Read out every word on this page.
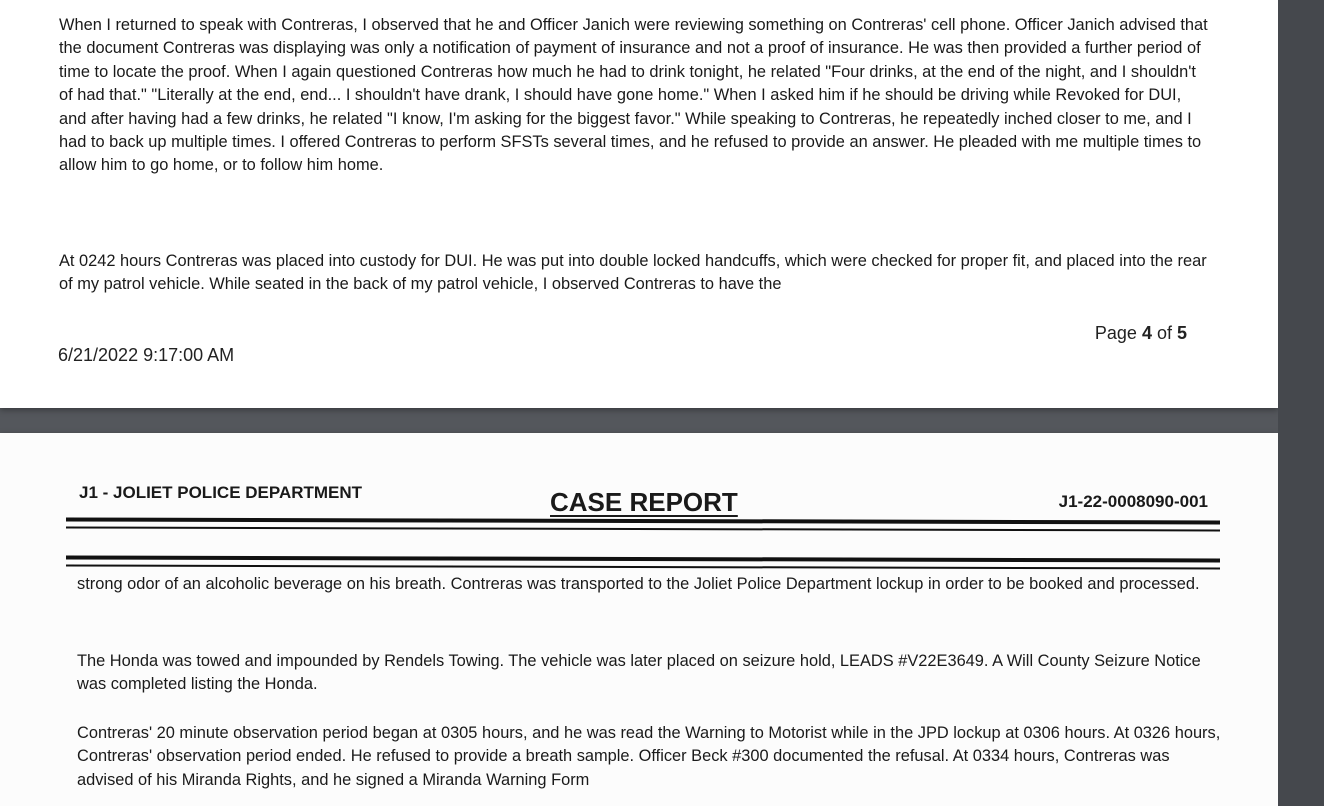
When I returned to speak with Contreras, I observed that he and Officer Janich were reviewing something on Contreras' cell phone. Officer Janich advised that the document Contreras was displaying was only a notification of payment of insurance and not a proof of insurance. He was then provided a further period of time to locate the proof. When I again questioned Contreras how much he had to drink tonight, he related "Four drinks, at the end of the night, and I shouldn't of had that." "Literally at the end, end... I shouldn't have drank, I should have gone home." When I asked him if he should be driving while Revoked for DUI, and after having had a few drinks, he related "I know, I'm asking for the biggest favor." While speaking to Contreras, he repeatedly inched closer to me, and I had to back up multiple times. I offered Contreras to perform SFSTs several times, and he refused to provide an answer. He pleaded with me multiple times to allow him to go home, or to follow him home.

At 0242 hours Contreras was placed into custody for DUI. He was put into double locked handcuffs, which were checked for proper fit, and placed into the rear of my patrol vehicle. While seated in the back of my patrol vehicle, I observed Contreras to have the

Page 4 of 5
6/21/2022 9:17:00 AM
J1 - JOLIET POLICE DEPARTMENT	CASE REPORT	J1-22-0008090-001

strong odor of an alcoholic beverage on his breath. Contreras was transported to the Joliet Police Department lockup in order to be booked and processed.

The Honda was towed and impounded by Rendels Towing. The vehicle was later placed on seizure hold, LEADS #V22E3649. A Will County Seizure Notice was completed listing the Honda.

Contreras' 20 minute observation period began at 0305 hours, and he was read the Warning to Motorist while in the JPD lockup at 0306 hours. At 0326 hours, Contreras' observation period ended. He refused to provide a breath sample. Officer Beck #300 documented the refusal. At 0334 hours, Contreras was advised of his Miranda Rights, and he signed a Miranda Warning Form
